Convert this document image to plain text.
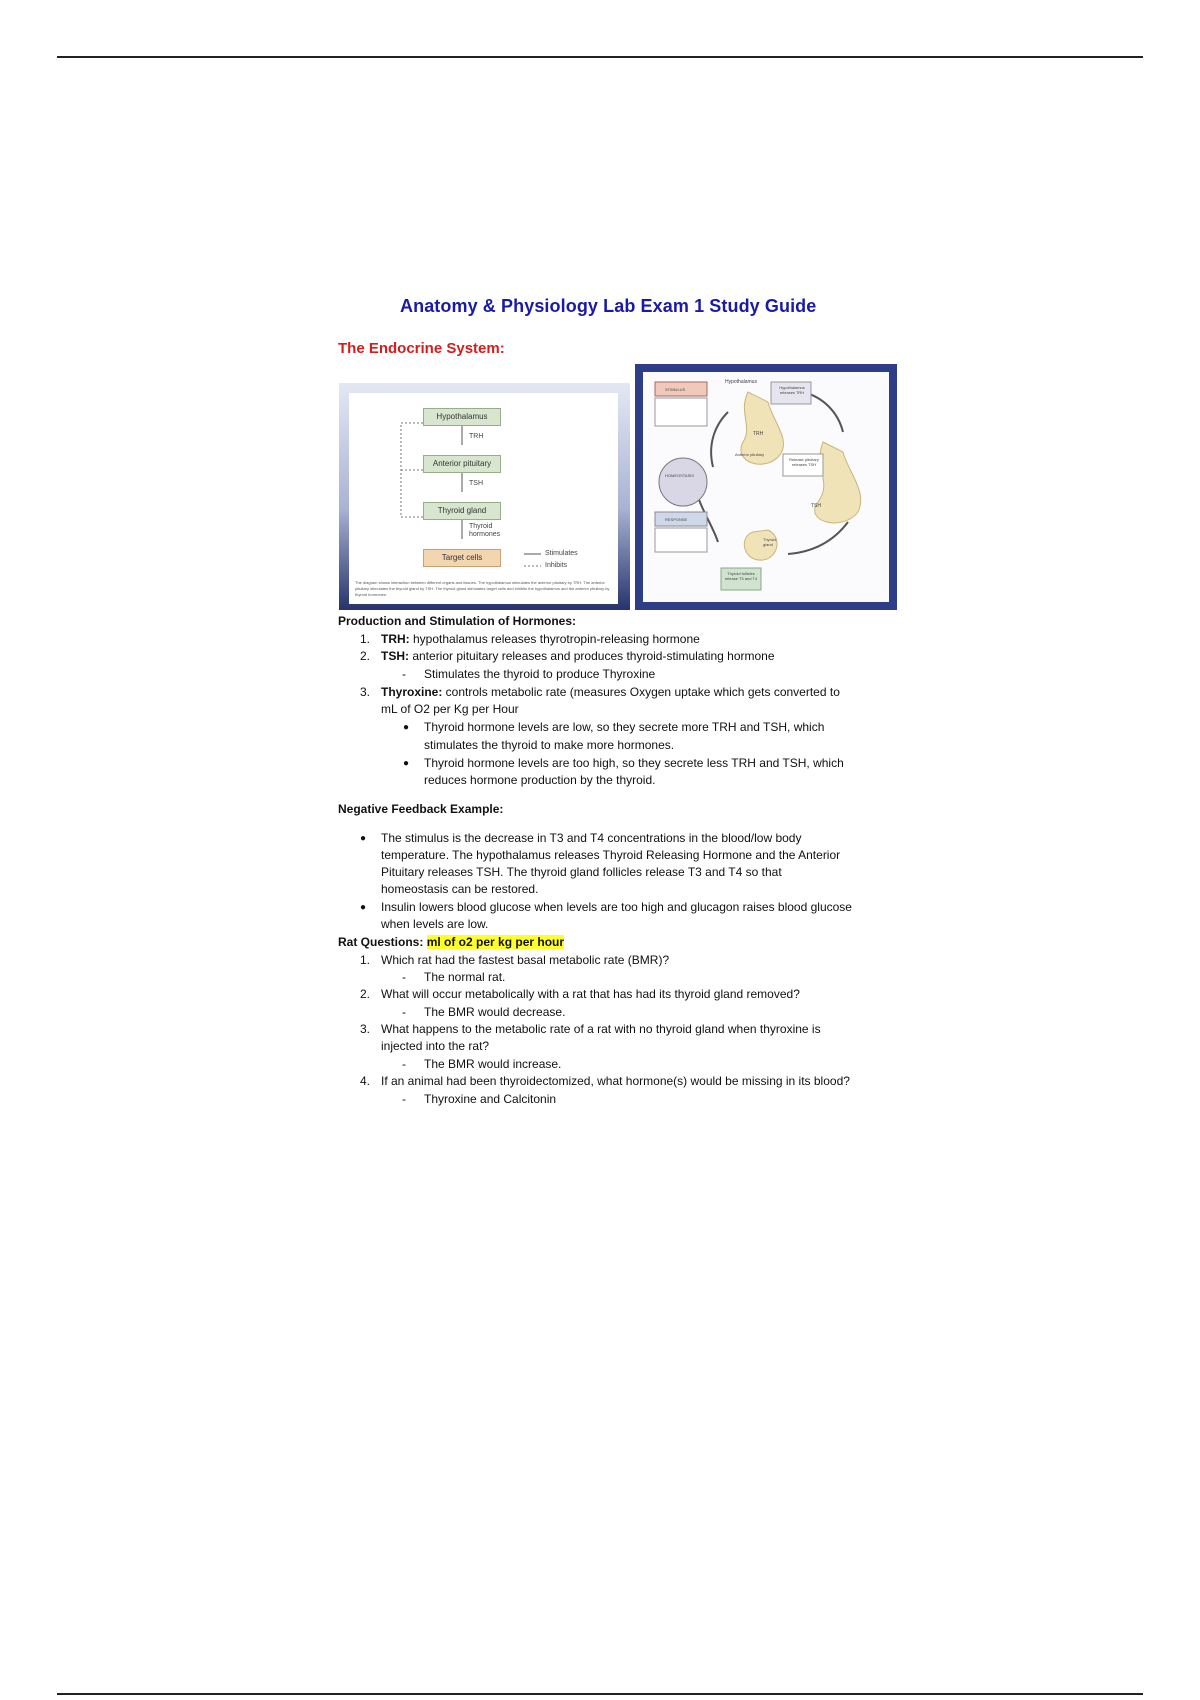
Anatomy & Physiology Lab Exam 1 Study Guide
The Endocrine System:
Hypothalamus
TRH
Anterior pituitary
TSH
Thyroid gland
Thyroid hormones
Target cells	Stimulates
Inhibits
The diagram shows interaction between different organs and tissues. The hypothalamus stimulates the anterior pituitary by TRH. The anterior pituitary stimulates the thyroid gland by TSH. The thyroid gland stimulates target cells and inhibits the hypothalamus and the anterior pituitary by thyroid hormones.
Hypothalamus
Hypothalamus releases TRH
TRH
Anterior pituitary
Release pituitary releases TSH
TSH
Thyroid gland
Thyroid follicles release T3 and T4
HOMEOSTASIS
STIMULUS
RESPONSE
Production and Stimulation of Hormones:
1. TRH: hypothalamus releases thyrotropin-releasing hormone
2. TSH: anterior pituitary releases and produces thyroid-stimulating hormone
- Stimulates the thyroid to produce Thyroxine
3. Thyroxine: controls metabolic rate (measures Oxygen uptake which gets converted to
mL of O2 per Kg per Hour
● Thyroid hormone levels are low, so they secrete more TRH and TSH, which
stimulates the thyroid to make more hormones.
● Thyroid hormone levels are too high, so they secrete less TRH and TSH, which
reduces hormone production by the thyroid.
Negative Feedback Example:
● The stimulus is the decrease in T3 and T4 concentrations in the blood/low body
temperature. The hypothalamus releases Thyroid Releasing Hormone and the Anterior
Pituitary releases TSH. The thyroid gland follicles release T3 and T4 so that
homeostasis can be restored.
● Insulin lowers blood glucose when levels are too high and glucagon raises blood glucose
when levels are low.
Rat Questions: ml of o2 per kg per hour
1. Which rat had the fastest basal metabolic rate (BMR)?
- The normal rat.
2. What will occur metabolically with a rat that has had its thyroid gland removed?
- The BMR would decrease.
3. What happens to the metabolic rate of a rat with no thyroid gland when thyroxine is
injected into the rat?
- The BMR would increase.
4. If an animal had been thyroidectomized, what hormone(s) would be missing in its blood?
- Thyroxine and Calcitonin
